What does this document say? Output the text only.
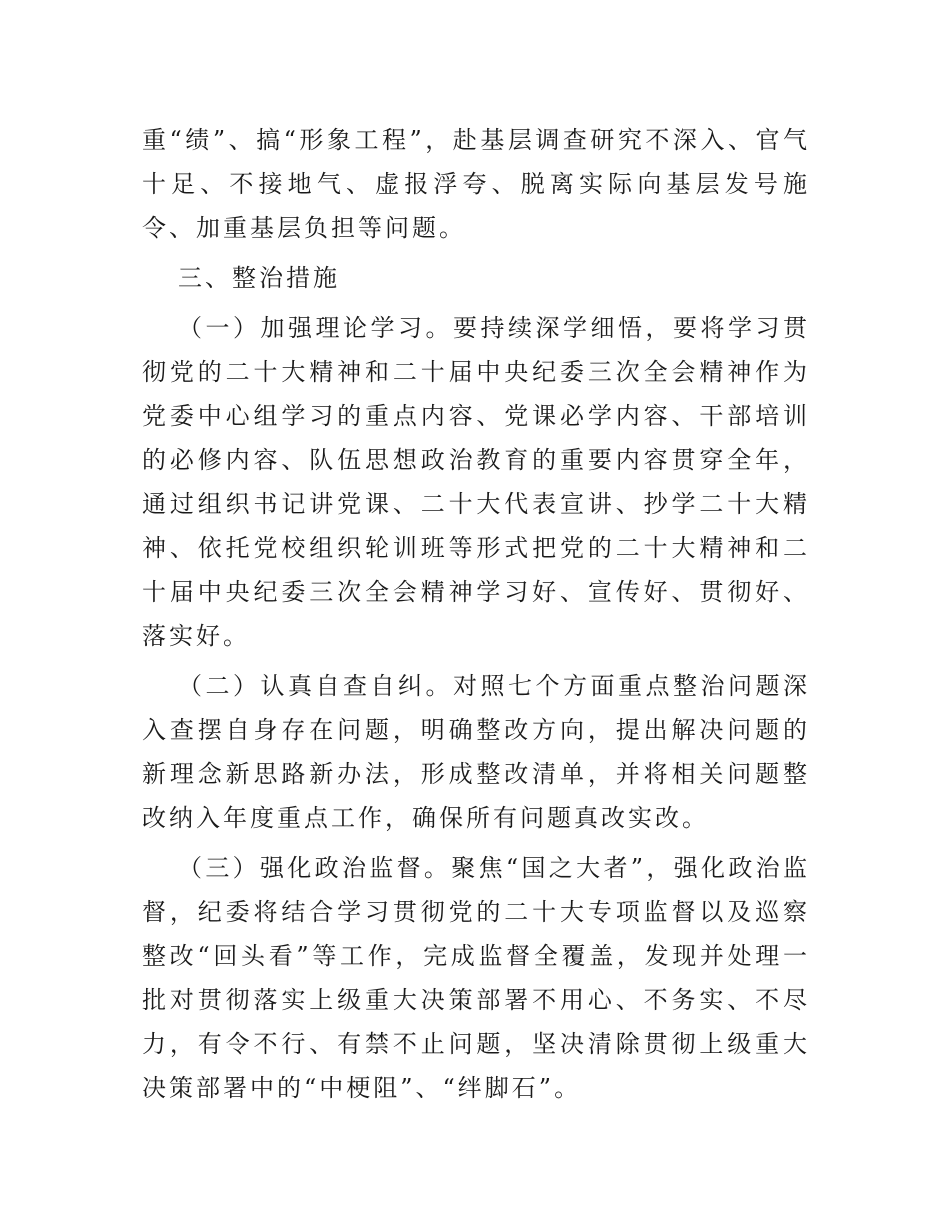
重“绩”、搞“形象工程”，赴基层调查研究不深入、官气十足、不接地气、虚报浮夸、脱离实际向基层发号施令、加重基层负担等问题。

三、整治措施

（一）加强理论学习。要持续深学细悟，要将学习贯彻党的二十大精神和二十届中央纪委三次全会精神作为党委中心组学习的重点内容、党课必学内容、干部培训的必修内容、队伍思想政治教育的重要内容贯穿全年，通过组织书记讲党课、二十大代表宣讲、抄学二十大精神、依托党校组织轮训班等形式把党的二十大精神和二十届中央纪委三次全会精神学习好、宣传好、贯彻好、落实好。

（二）认真自查自纠。对照七个方面重点整治问题深入查摆自身存在问题，明确整改方向，提出解决问题的新理念新思路新办法，形成整改清单，并将相关问题整改纳入年度重点工作，确保所有问题真改实改。

（三）强化政治监督。聚焦“国之大者”，强化政治监督，纪委将结合学习贯彻党的二十大专项监督以及巡察整改“回头看”等工作，完成监督全覆盖，发现并处理一批对贯彻落实上级重大决策部署不用心、不务实、不尽力，有令不行、有禁不止问题，坚决清除贯彻上级重大决策部署中的“中梗阻”、“绊脚石”。
